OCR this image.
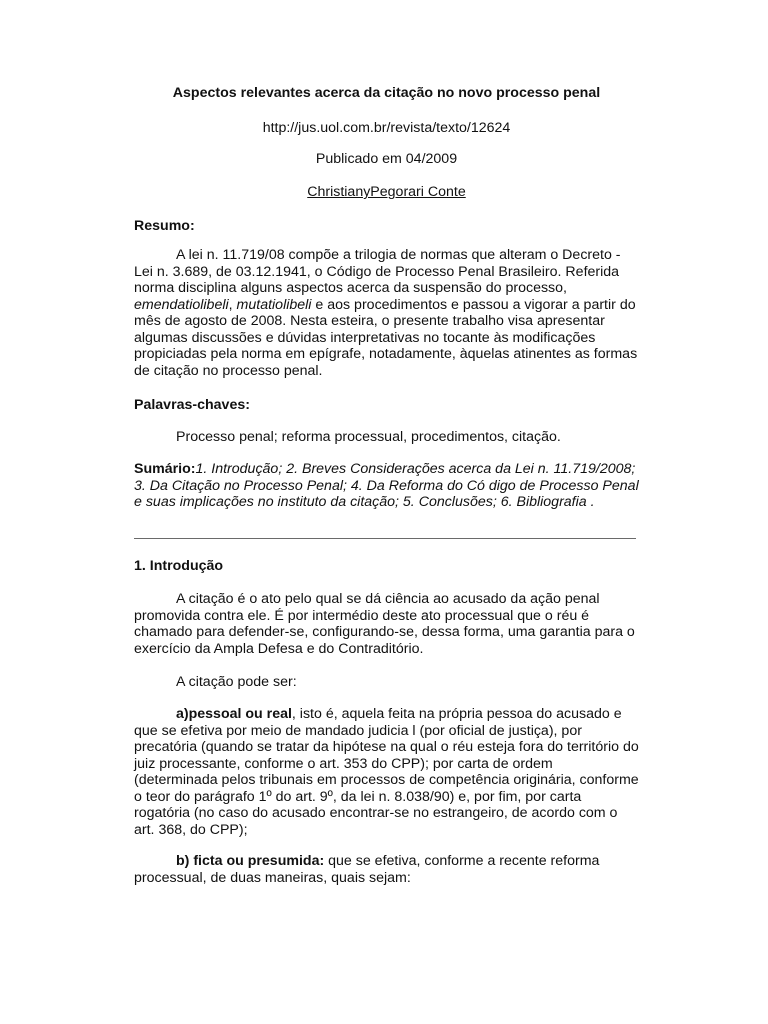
Aspectos relevantes acerca da citação no novo processo penal

http://jus.uol.com.br/revista/texto/12624

Publicado em 04/2009

ChristianyPegorari Conte

Resumo:

A lei n. 11.719/08 compõe a trilogia de normas que alteram o Decreto - Lei n. 3.689, de 03.12.1941, o Código de Processo Penal Brasileiro. Referida norma disciplina alguns aspectos acerca da suspensão do processo, emendatiolibeli, mutatiolibeli e aos procedimentos e passou a vigorar a partir do mês de agosto de 2008. Nesta esteira, o presente trabalho visa apresentar algumas discussões e dúvidas interpretativas no tocante às modificações propiciadas pela norma em epígrafe, notadamente, àquelas atinentes as formas de citação no processo penal.

Palavras-chaves:

Processo penal; reforma processual, procedimentos, citação.

Sumário:1. Introdução; 2. Breves Considerações acerca da Lei n. 11.719/2008; 3. Da Citação no Processo Penal; 4. Da Reforma do Có digo de Processo Penal e suas implicações no instituto da citação; 5. Conclusões; 6. Bibliografia .

1. Introdução

A citação é o ato pelo qual se dá ciência ao acusado da ação penal promovida contra ele. É por intermédio deste ato processual que o réu é chamado para defender-se, configurando-se, dessa forma, uma garantia para o exercício da Ampla Defesa e do Contraditório.

A citação pode ser:

a)pessoal ou real, isto é, aquela feita na própria pessoa do acusado e que se efetiva por meio de mandado judicia l (por oficial de justiça), por precatória (quando se tratar da hipótese na qual o réu esteja fora do território do juiz processante, conforme o art. 353 do CPP); por carta de ordem (determinada pelos tribunais em processos de competência originária, conforme o teor do parágrafo 1º do art. 9º, da lei n. 8.038/90) e, por fim, por carta rogatória (no caso do acusado encontrar-se no estrangeiro, de acordo com o art. 368, do CPP);

b) ficta ou presumida: que se efetiva, conforme a recente reforma processual, de duas maneiras, quais sejam:
